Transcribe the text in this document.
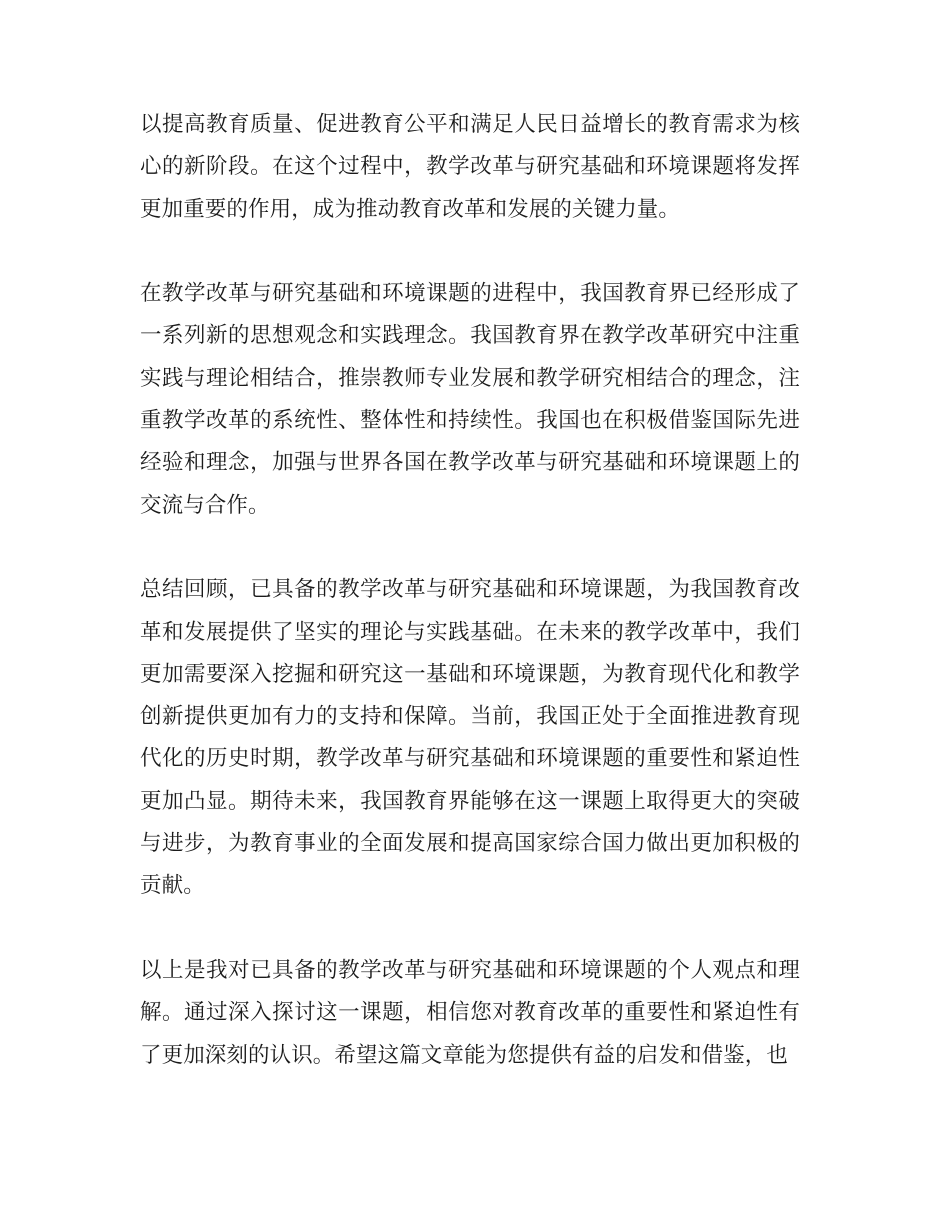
以提高教育质量、促进教育公平和满足人民日益增长的教育需求为核心的新阶段。在这个过程中，教学改革与研究基础和环境课题将发挥更加重要的作用，成为推动教育改革和发展的关键力量。

在教学改革与研究基础和环境课题的进程中，我国教育界已经形成了一系列新的思想观念和实践理念。我国教育界在教学改革研究中注重实践与理论相结合，推崇教师专业发展和教学研究相结合的理念，注重教学改革的系统性、整体性和持续性。我国也在积极借鉴国际先进经验和理念，加强与世界各国在教学改革与研究基础和环境课题上的交流与合作。

总结回顾，已具备的教学改革与研究基础和环境课题，为我国教育改革和发展提供了坚实的理论与实践基础。在未来的教学改革中，我们更加需要深入挖掘和研究这一基础和环境课题，为教育现代化和教学创新提供更加有力的支持和保障。当前，我国正处于全面推进教育现代化的历史时期，教学改革与研究基础和环境课题的重要性和紧迫性更加凸显。期待未来，我国教育界能够在这一课题上取得更大的突破与进步，为教育事业的全面发展和提高国家综合国力做出更加积极的贡献。

以上是我对已具备的教学改革与研究基础和环境课题的个人观点和理解。通过深入探讨这一课题，相信您对教育改革的重要性和紧迫性有了更加深刻的认识。希望这篇文章能为您提供有益的启发和借鉴，也
